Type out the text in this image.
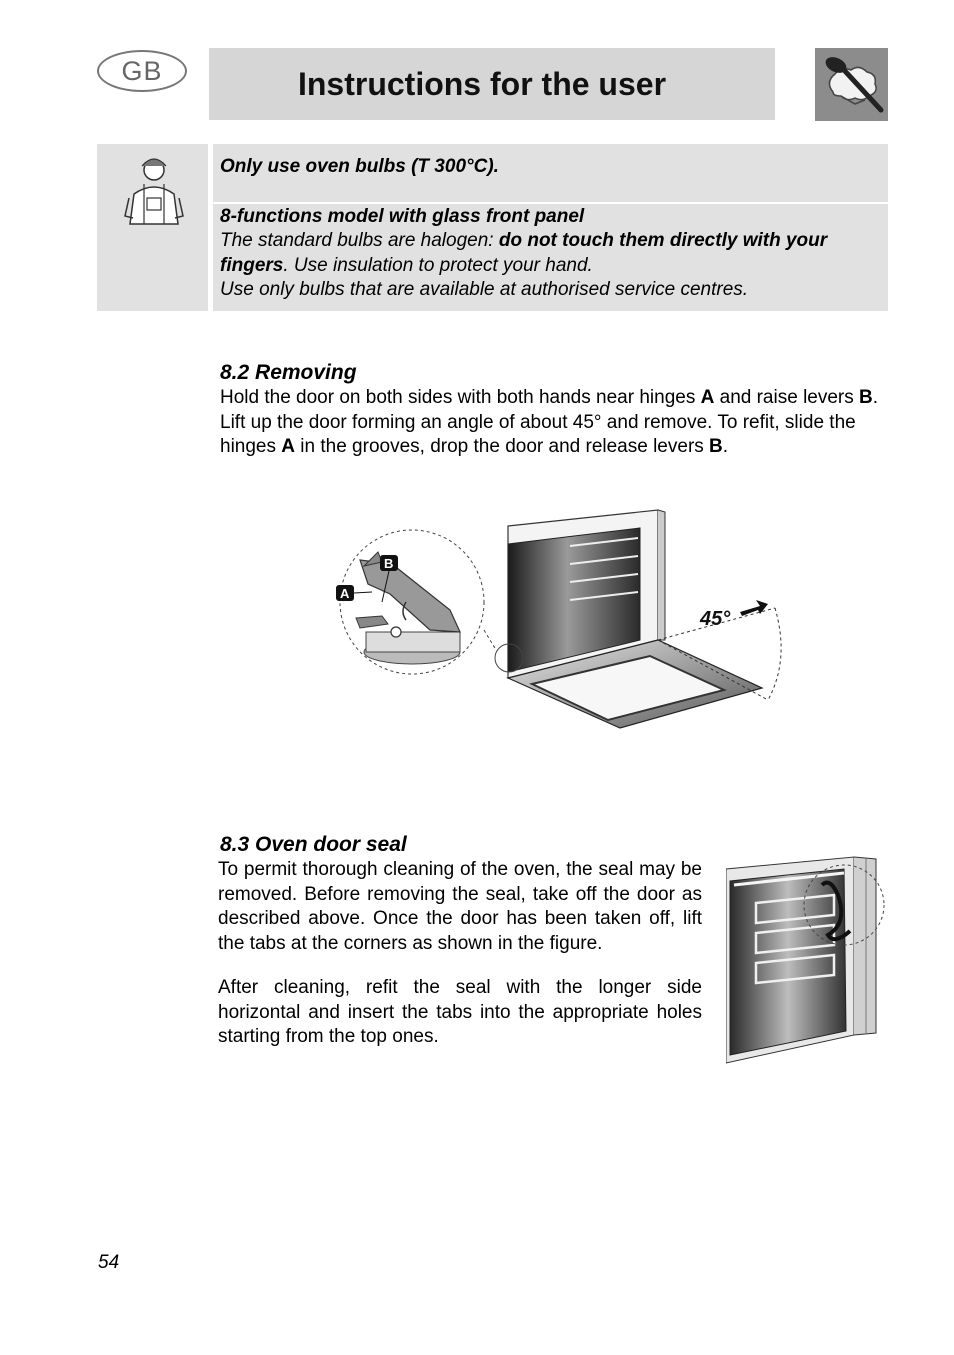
GB	Instructions for the user
Only use oven bulbs (T 300°C).
8-functions model with glass front panel
The standard bulbs are halogen: do not touch them directly with your fingers. Use insulation to protect your hand.
Use only bulbs that are available at authorised service centres.
8.2 Removing
Hold the door on both sides with both hands near hinges A and raise levers B. Lift up the door forming an angle of about 45° and remove. To refit, slide the hinges A in the grooves, drop the door and release levers B.
45°
B
A
8.3 Oven door seal
To permit thorough cleaning of the oven, the seal may be removed. Before removing the seal, take off the door as described above. Once the door has been taken off, lift the tabs at the corners as shown in the figure.
After cleaning, refit the seal with the longer side horizontal and insert the tabs into the appropriate holes starting from the top ones.
54
